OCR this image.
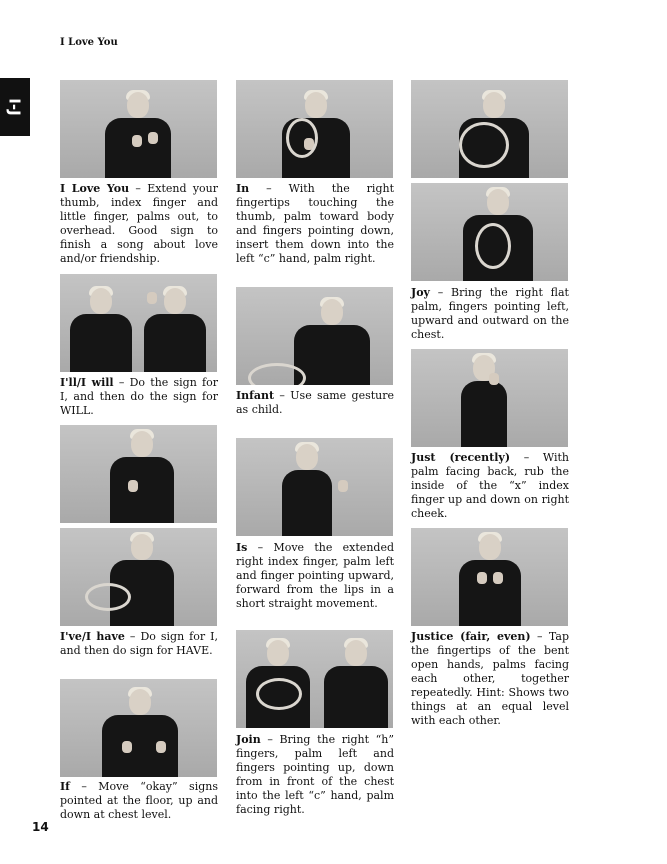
I Love You
I-J
14
I Love You – Extend your thumb, index finger and little finger, palms out, to overhead. Good sign to finish a song about love and/or friendship.
I'll/I will – Do the sign for I, and then do the sign for WILL.
I've/I have – Do sign for I, and then do sign for HAVE.
If – Move “okay” signs pointed at the floor, up and down at chest level.
In – With the right fingertips touching the thumb, palm toward body and fingers pointing down, insert them down into the left “c” hand, palm right.
Infant – Use same gesture as child.
Is – Move the extended right index finger, palm left and finger pointing upward, forward from the lips in a short straight movement.
Join – Bring the right “h” fingers, palm left and fingers pointing up, down from in front of the chest into the left “c” hand, palm facing right.
Joy – Bring the right flat palm, fingers pointing left, upward and outward on the chest.
Just (recently) – With palm facing back, rub the inside of the “x” index finger up and down on right cheek.
Justice (fair, even) – Tap the fingertips of the bent open hands, palms facing each other, together repeatedly. Hint: Shows two things at an equal level with each other.
